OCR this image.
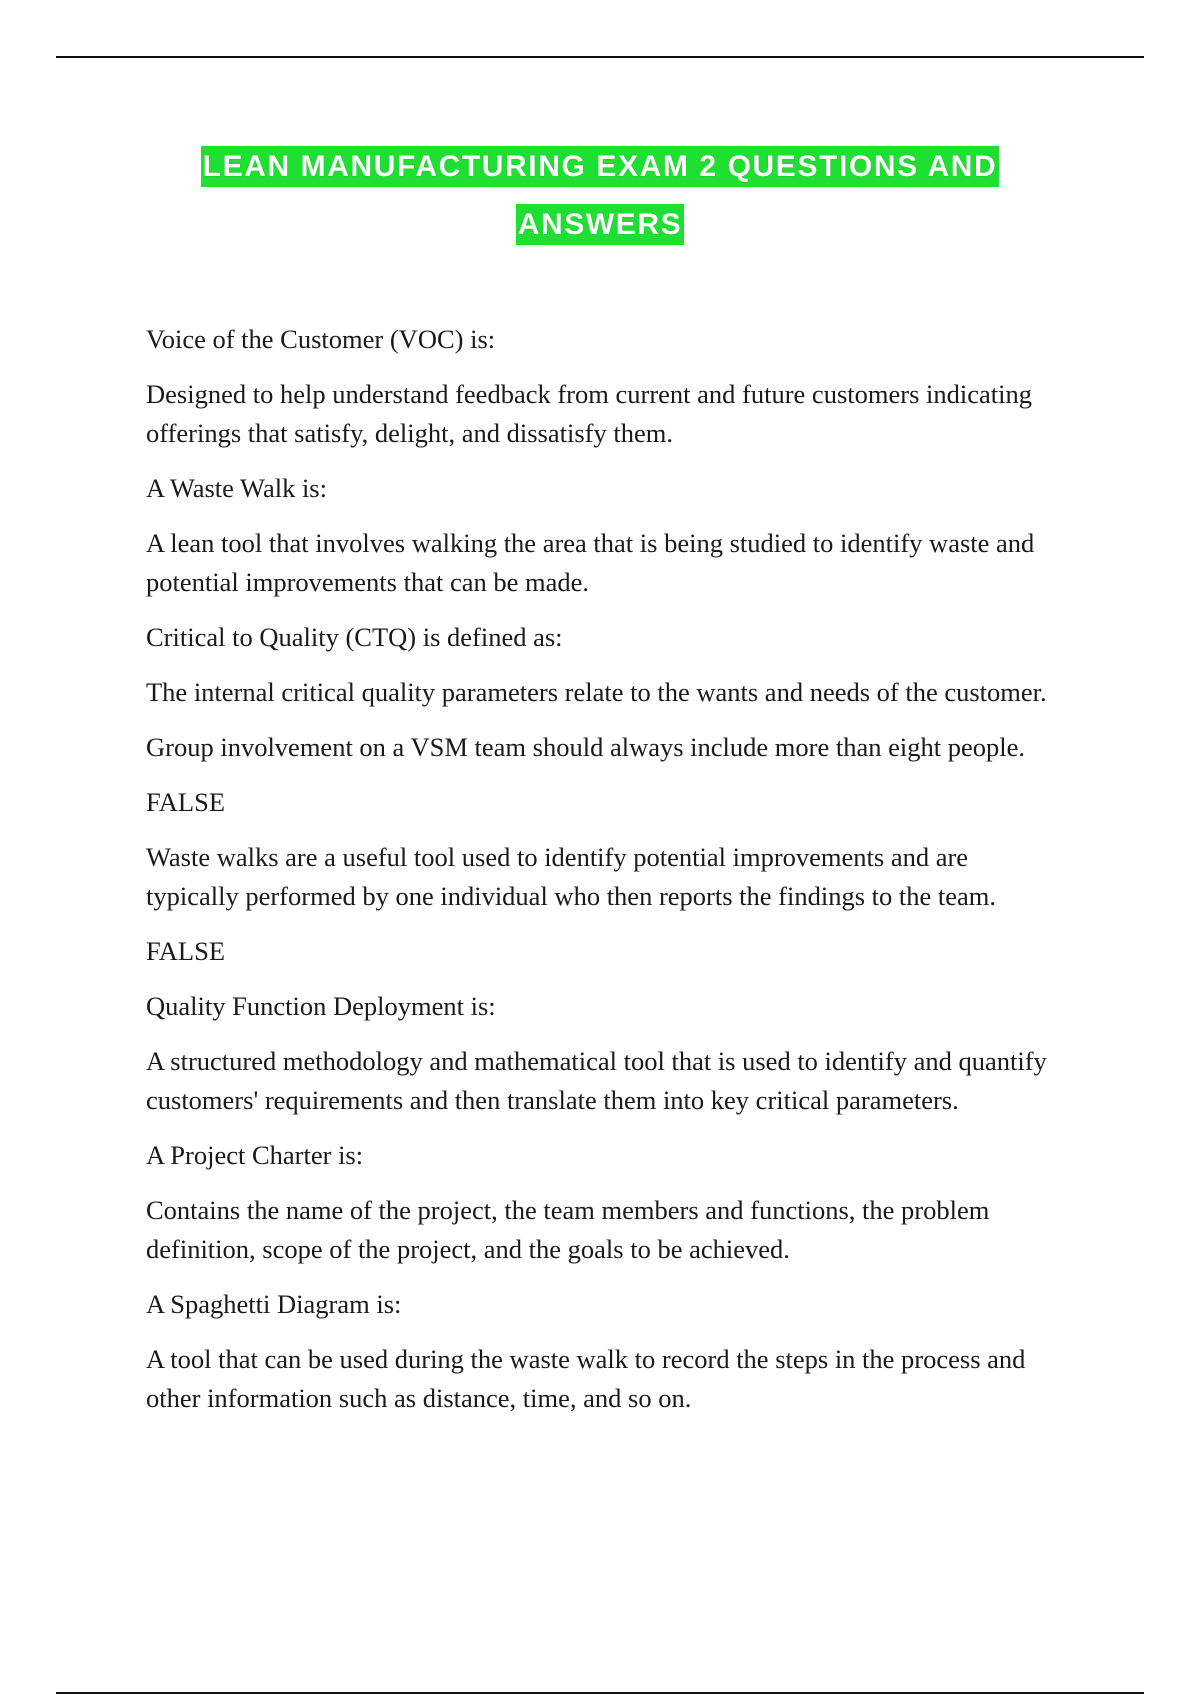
LEAN MANUFACTURING EXAM 2 QUESTIONS AND
ANSWERS

Voice of the Customer (VOC) is:

Designed to help understand feedback from current and future customers indicating offerings that satisfy, delight, and dissatisfy them.

A Waste Walk is:

A lean tool that involves walking the area that is being studied to identify waste and potential improvements that can be made.

Critical to Quality (CTQ) is defined as:

The internal critical quality parameters relate to the wants and needs of the customer.

Group involvement on a VSM team should always include more than eight people.

FALSE

Waste walks are a useful tool used to identify potential improvements and are typically performed by one individual who then reports the findings to the team.

FALSE

Quality Function Deployment is:

A structured methodology and mathematical tool that is used to identify and quantify customers' requirements and then translate them into key critical parameters.

A Project Charter is:

Contains the name of the project, the team members and functions, the problem definition, scope of the project, and the goals to be achieved.

A Spaghetti Diagram is:

A tool that can be used during the waste walk to record the steps in the process and other information such as distance, time, and so on.
